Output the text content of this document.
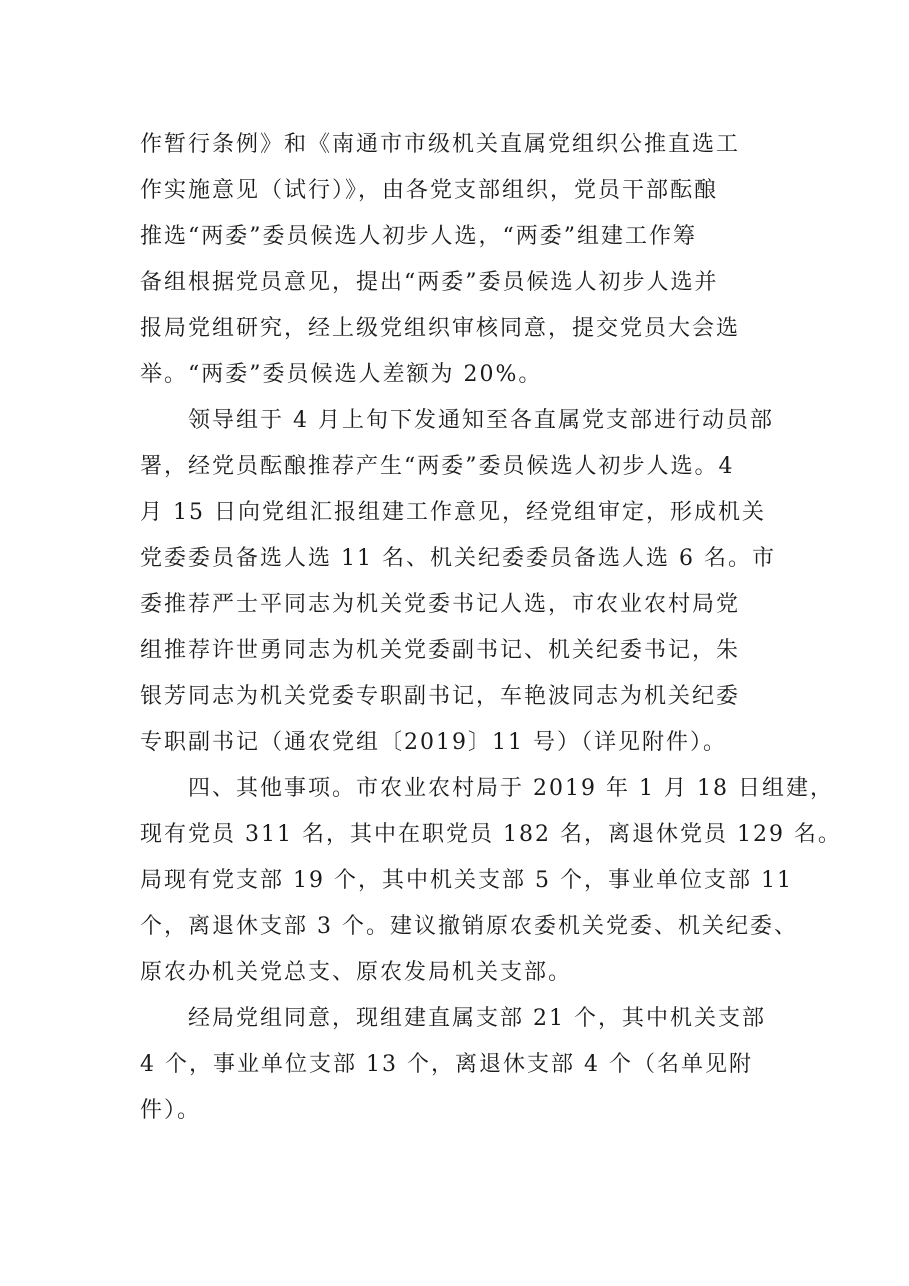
作暂行条例》和《南通市市级机关直属党组织公推直选工
作实施意见（试行）》，由各党支部组织，党员干部酝酿
推选“两委”委员候选人初步人选，“两委”组建工作筹
备组根据党员意见，提出“两委”委员候选人初步人选并
报局党组研究，经上级党组织审核同意，提交党员大会选
举。“两委”委员候选人差额为 20%。
领导组于 4 月上旬下发通知至各直属党支部进行动员部
署，经党员酝酿推荐产生“两委”委员候选人初步人选。4
月 15 日向党组汇报组建工作意见，经党组审定，形成机关
党委委员备选人选 11 名、机关纪委委员备选人选 6 名。市
委推荐严士平同志为机关党委书记人选，市农业农村局党
组推荐许世勇同志为机关党委副书记、机关纪委书记，朱
银芳同志为机关党委专职副书记，车艳波同志为机关纪委
专职副书记（通农党组〔2019〕11 号）（详见附件）。
四、其他事项。市农业农村局于 2019 年 1 月 18 日组建，
现有党员 311 名，其中在职党员 182 名，离退休党员 129 名。
局现有党支部 19 个，其中机关支部 5 个，事业单位支部 11
个，离退休支部 3 个。建议撤销原农委机关党委、机关纪委、
原农办机关党总支、原农发局机关支部。
经局党组同意，现组建直属支部 21 个，其中机关支部
4 个，事业单位支部 13 个，离退休支部 4 个（名单见附
件）。
